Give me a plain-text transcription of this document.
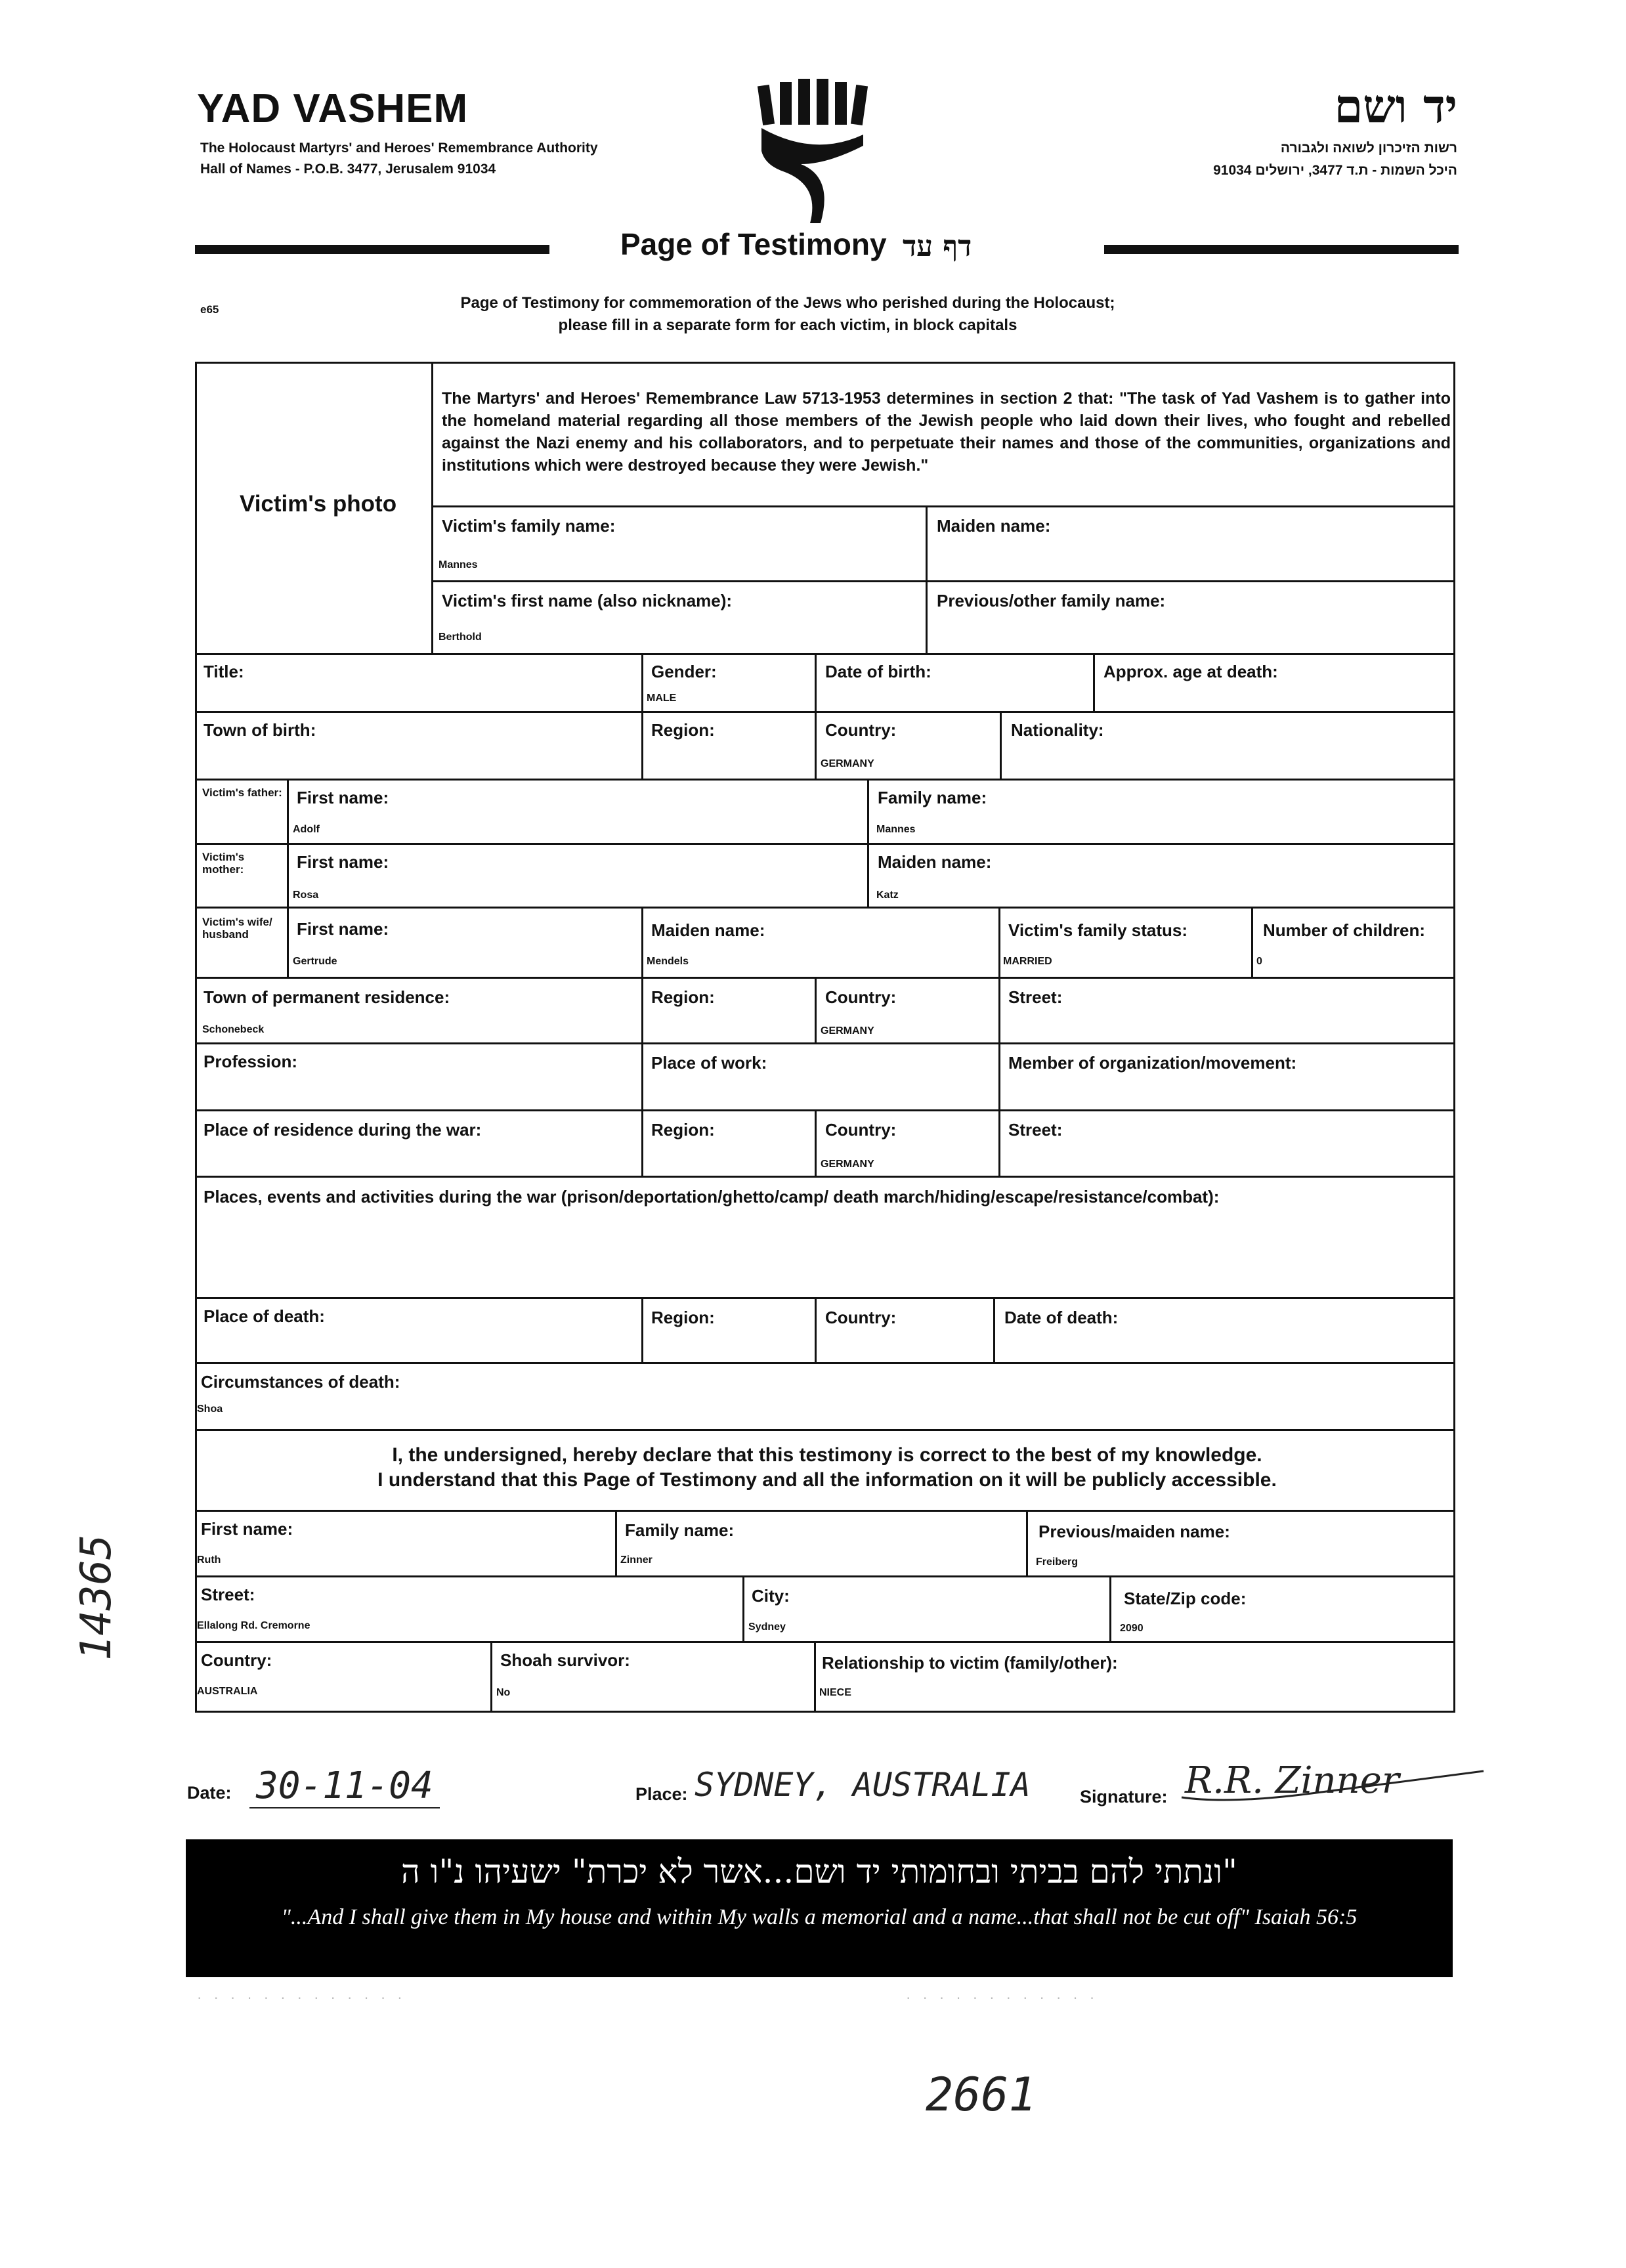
YAD VASHEM
The Holocaust Martyrs' and Heroes' Remembrance Authority
Hall of Names - P.O.B. 3477, Jerusalem 91034
יד ושם
רשות הזיכרון לשואה ולגבורה
היכל השמות - ת.ד 3477, ירושלים 91034
Page of Testimony דף עד
e65	Page of Testimony for commemoration of the Jews who perished during the Holocaust;
please fill in a separate form for each victim, in block capitals
Victim's photo
The Martyrs' and Heroes' Remembrance Law 5713-1953 determines in section 2 that: "The task of Yad Vashem is to gather into the homeland material regarding all those members of the Jewish people who laid down their lives, who fought and rebelled against the Nazi enemy and his collaborators, and to perpetuate their names and those of the communities, organizations and institutions which were destroyed because they were Jewish."
Victim's family name:
Mannes
Maiden name:
Victim's first name (also nickname):
Berthold
Previous/other family name:
Title:	Gender:
MALE
Date of birth:	Approx. age at death:
Town of birth:	Region:	Country:
GERMANY
Nationality:
Victim's father: First name:
Adolf
Family name:
Mannes
Victim's mother:	First name:
Rosa
Maiden name:
Katz
Victim's wife/ husband	First name:
Gertrude
Maiden name:
Mendels
Victim's family status:
MARRIED
Number of children:
0
Town of permanent residence:
Schonebeck
Region:	Country:
GERMANY
Street:
Profession:	Place of work:	Member of organization/movement:
Place of residence during the war:	Region:	Country:
GERMANY
Street:
Places, events and activities during the war (prison/deportation/ghetto/camp/ death march/hiding/escape/resistance/combat):
Place of death:	Region:	Country:	Date of death:
Circumstances of death:
Shoa
I, the undersigned, hereby declare that this testimony is correct to the best of my knowledge.
I understand that this Page of Testimony and all the information on it will be publicly accessible.
First name:
Ruth
Family name:
Zinner
Previous/maiden name:
Freiberg
Street:
Ellalong Rd. Cremorne
City:
Sydney
State/Zip code:
2090
Country:
AUSTRALIA
Shoah survivor:
No
Relationship to victim (family/other):
NIECE
14365
Date: 30-11-04	Place: SYDNEY, AUSTRALIA	Signature: R.R. Zinner
"ונתתי להם בביתי ובחומותי יד ושם...אשר לא יכרת" ישעיהו נ"ו ה
"...And I shall give them in My house and within My walls a memorial and a name...that shall not be cut off" Isaiah 56:5
· · · · · · · · · · · · ·	· · · · · · · · · · · ·
2661
